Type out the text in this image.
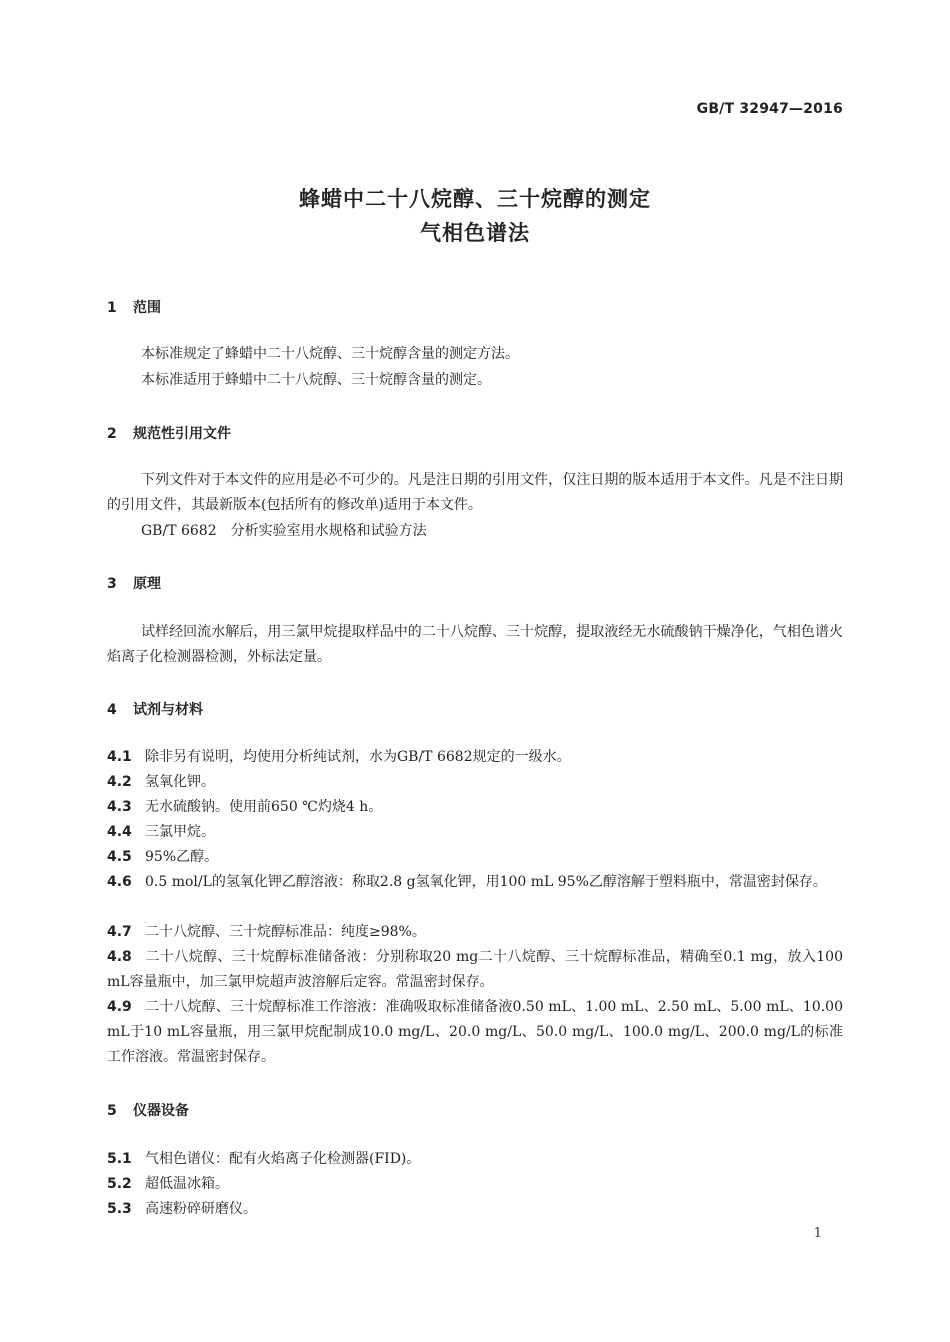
GB/T 32947—2016
蜂蜡中二十八烷醇、三十烷醇的测定
气相色谱法
1 范围
本标准规定了蜂蜡中二十八烷醇、三十烷醇含量的测定方法。
本标准适用于蜂蜡中二十八烷醇、三十烷醇含量的测定。
2 规范性引用文件
下列文件对于本文件的应用是必不可少的。凡是注日期的引用文件，仅注日期的版本适用于本文件。凡是不注日期的引用文件，其最新版本(包括所有的修改单)适用于本文件。
GB/T 6682　分析实验室用水规格和试验方法
3 原理
试样经回流水解后，用三氯甲烷提取样品中的二十八烷醇、三十烷醇，提取液经无水硫酸钠干燥净化，气相色谱火焰离子化检测器检测，外标法定量。
4 试剂与材料
4.1 除非另有说明，均使用分析纯试剂，水为GB/T 6682规定的一级水。
4.2 氢氧化钾。
4.3 无水硫酸钠。使用前650 ℃灼烧4 h。
4.4 三氯甲烷。
4.5 95%乙醇。
4.6 0.5 mol/L的氢氧化钾乙醇溶液：称取2.8 g氢氧化钾，用100 mL 95%乙醇溶解于塑料瓶中，常温密封保存。
4.7 二十八烷醇、三十烷醇标准品：纯度≥98%。
4.8 二十八烷醇、三十烷醇标准储备液：分别称取20 mg二十八烷醇、三十烷醇标准品，精确至0.1 mg，放入100 mL容量瓶中，加三氯甲烷超声波溶解后定容。常温密封保存。
4.9 二十八烷醇、三十烷醇标准工作溶液：准确吸取标准储备液0.50 mL、1.00 mL、2.50 mL、5.00 mL、10.00 mL于10 mL容量瓶，用三氯甲烷配制成10.0 mg/L、20.0 mg/L、50.0 mg/L、100.0 mg/L、200.0 mg/L的标准工作溶液。常温密封保存。
5 仪器设备
5.1 气相色谱仪：配有火焰离子化检测器(FID)。
5.2 超低温冰箱。
5.3 高速粉碎研磨仪。
1
